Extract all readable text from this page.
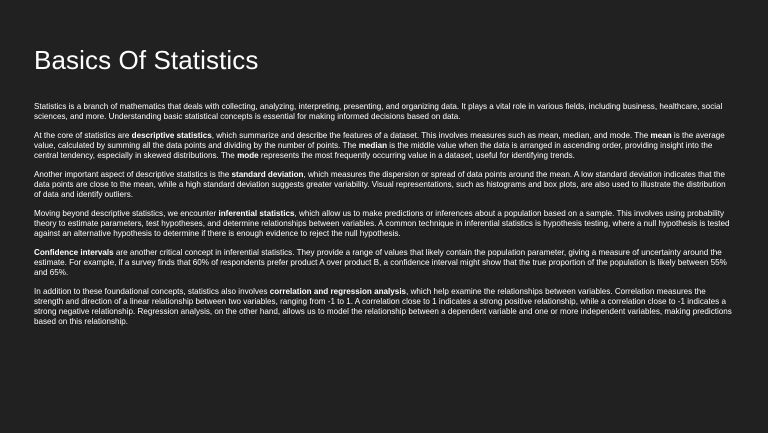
Basics Of Statistics
Statistics is a branch of mathematics that deals with collecting, analyzing, interpreting, presenting, and organizing data. It plays a vital role in various fields, including business, healthcare, social sciences, and more. Understanding basic statistical concepts is essential for making informed decisions based on data.
At the core of statistics are descriptive statistics, which summarize and describe the features of a dataset. This involves measures such as mean, median, and mode. The mean is the average value, calculated by summing all the data points and dividing by the number of points. The median is the middle value when the data is arranged in ascending order, providing insight into the central tendency, especially in skewed distributions. The mode represents the most frequently occurring value in a dataset, useful for identifying trends.
Another important aspect of descriptive statistics is the standard deviation, which measures the dispersion or spread of data points around the mean. A low standard deviation indicates that the data points are close to the mean, while a high standard deviation suggests greater variability. Visual representations, such as histograms and box plots, are also used to illustrate the distribution of data and identify outliers.
Moving beyond descriptive statistics, we encounter inferential statistics, which allow us to make predictions or inferences about a population based on a sample. This involves using probability theory to estimate parameters, test hypotheses, and determine relationships between variables. A common technique in inferential statistics is hypothesis testing, where a null hypothesis is tested against an alternative hypothesis to determine if there is enough evidence to reject the null hypothesis.
Confidence intervals are another critical concept in inferential statistics. They provide a range of values that likely contain the population parameter, giving a measure of uncertainty around the estimate. For example, if a survey finds that 60% of respondents prefer product A over product B, a confidence interval might show that the true proportion of the population is likely between 55% and 65%.
In addition to these foundational concepts, statistics also involves correlation and regression analysis, which help examine the relationships between variables. Correlation measures the strength and direction of a linear relationship between two variables, ranging from -1 to 1. A correlation close to 1 indicates a strong positive relationship, while a correlation close to -1 indicates a strong negative relationship. Regression analysis, on the other hand, allows us to model the relationship between a dependent variable and one or more independent variables, making predictions based on this relationship.
